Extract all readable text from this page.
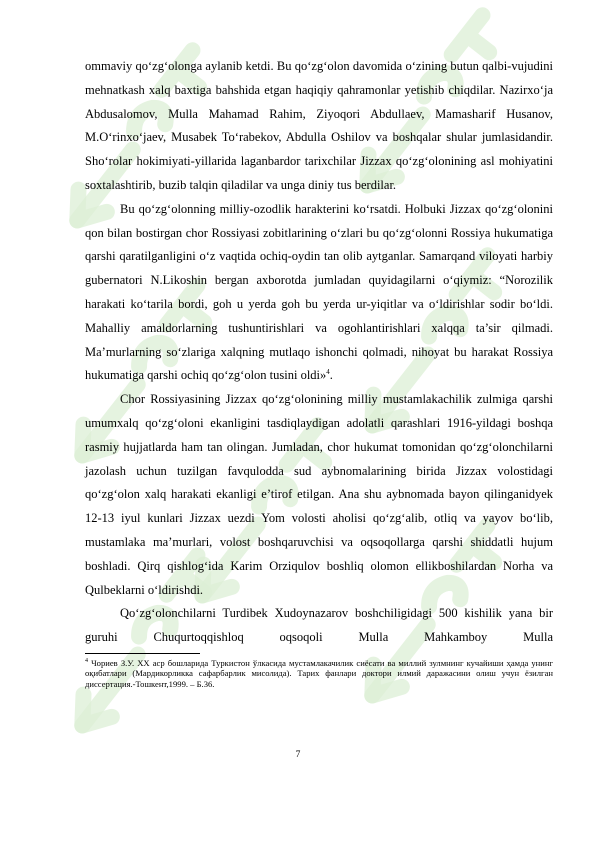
ommaviy qo‘zg‘olonga aylanib ketdi. Bu qo‘zg‘olon davomida o‘zining butun qalbi-vujudini mehnatkash xalq baxtiga bahshida etgan haqiqiy qahramonlar yetishib chiqdilar. Nazirxo‘ja Abdusalomov, Mulla Mahamad Rahim, Ziyoqori Abdullaev, Mamasharif Husanov, M.O‘rinxo‘jaev, Musabek To‘rabekov, Abdulla Oshilov va boshqalar shular jumlasidandir. Sho‘rolar hokimiyati-yillarida laganbardor tarixchilar Jizzax qo‘zg‘olonining asl mohiyatini soxtalashtirib, buzib talqin qiladilar va unga diniy tus berdilar.

Bu qo‘zg‘olonning milliy-ozodlik harakterini ko‘rsatdi. Holbuki Jizzax qo‘zg‘olonini qon bilan bostirgan chor Rossiyasi zobitlarining o‘zlari bu qo‘zg‘olonni Rossiya hukumatiga qarshi qaratilganligini o‘z vaqtida ochiq-oydin tan olib aytganlar. Samarqand viloyati harbiy gubernatori N.Likoshin bergan axborotda jumladan quyidagilarni o‘qiymiz: “Norozilik harakati ko‘tarila bordi, goh u yerda goh bu yerda ur-yiqitlar va o‘ldirishlar sodir bo‘ldi. Mahalliy amaldorlarning tushuntirishlari va ogohlantirishlari xalqqa ta’sir qilmadi. Ma’murlarning so‘zlariga xalqning mutlaqo ishonchi qolmadi, nihoyat bu harakat Rossiya hukumatiga qarshi ochiq qo‘zg‘olon tusini oldi»$^4$.

Chor Rossiyasining Jizzax qo‘zg‘olonining milliy mustamlakachilik zulmiga qarshi umumxalq qo‘zg‘oloni ekanligini tasdiqlaydigan adolatli qarashlari 1916-yildagi boshqa rasmiy hujjatlarda ham tan olingan. Jumladan, chor hukumat tomonidan qo‘zg‘olonchilarni jazolash uchun tuzilgan favqulodda sud aybnomalarining birida Jizzax volostidagi qo‘zg‘olon xalq harakati ekanligi e’tirof etilgan. Ana shu aybnomada bayon qilinganidyek 12-13 iyul kunlari Jizzax uezdi Yom volosti aholisi qo‘zg‘alib, otliq va yayov bo‘lib, mustamlaka ma’murlari, volost boshqaruvchisi va oqsoqollarga qarshi shiddatli hujum boshladi. Qirq qishlog‘ida Karim Orziqulov boshliq olomon ellikboshilardan Norha va Qulbeklarni o‘ldirishdi.

Qo‘zg‘olonchilarni Turdibek Xudoynazarov boshchiligidagi 500 kishilik yana bir guruhi Chuqurtoqqishloq oqsoqoli Mulla Mahkamboy Mulla

$^4$ Чориев З.У. XX аср бошларида Туркистон ўлкасида мустамлакачилик сиёсати ва миллий зулмнинг кучайиши ҳамда унинг оқибатлари (Мардикорликка сафарбарлик мисолида). Тарих фанлари доктори илмий даражасини олиш учун ёзилган диссертация.-Тошкент,1999. – Б.36.

7
